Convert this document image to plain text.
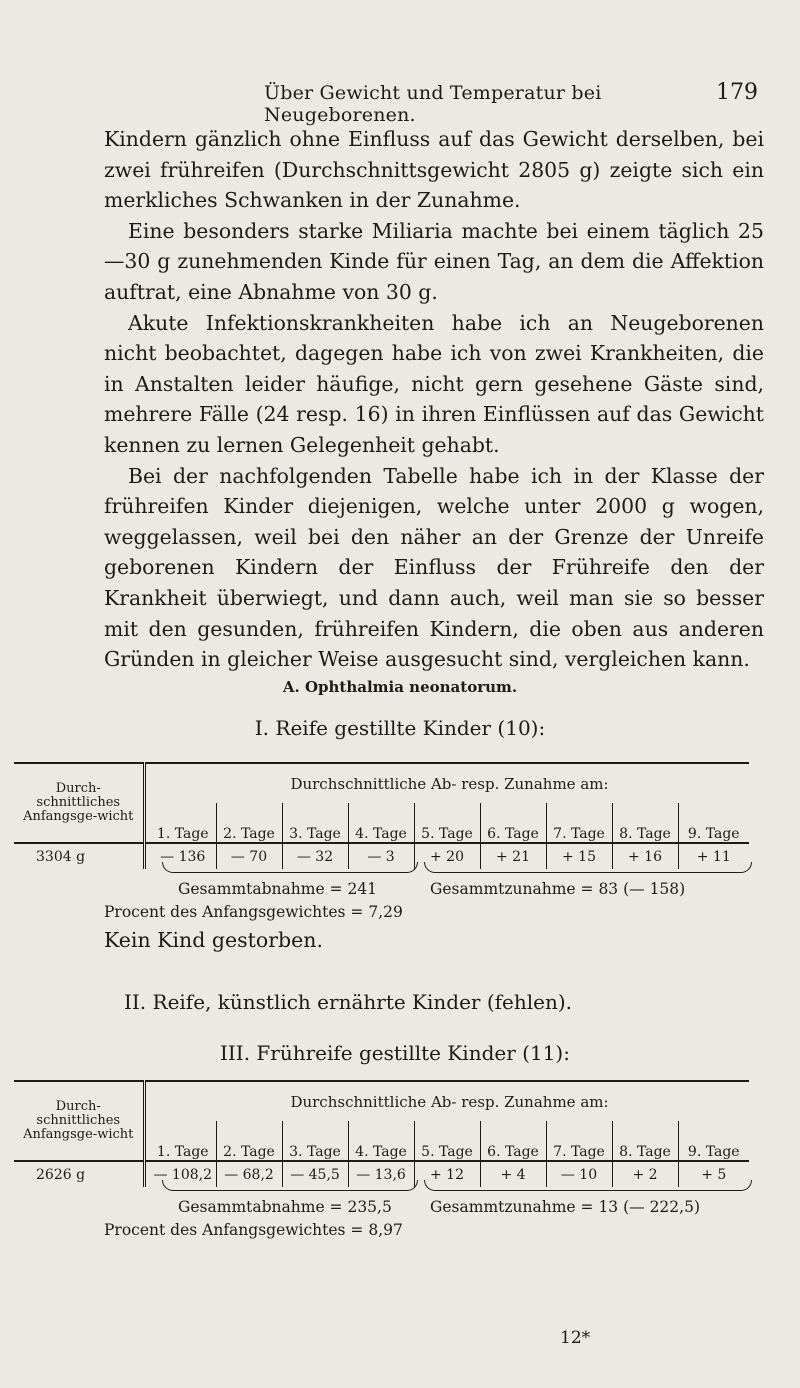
Über Gewicht und Temperatur bei Neugeborenen.
179

Kindern gänzlich ohne Einfluss auf das Gewicht derselben, bei zwei frühreifen (Durchschnittsgewicht 2805 g) zeigte sich ein merkliches Schwanken in der Zunahme.

Eine besonders starke Miliaria machte bei einem täglich 25—30 g zunehmenden Kinde für einen Tag, an dem die Affektion auftrat, eine Abnahme von 30 g.

Akute Infektionskrankheiten habe ich an Neugeborenen nicht beobachtet, dagegen habe ich von zwei Krankheiten, die in Anstalten leider häufige, nicht gern gesehene Gäste sind, mehrere Fälle (24 resp. 16) in ihren Einflüssen auf das Gewicht kennen zu lernen Gelegenheit gehabt.

Bei der nachfolgenden Tabelle habe ich in der Klasse der frühreifen Kinder diejenigen, welche unter 2000 g wogen, weggelassen, weil bei den näher an der Grenze der Unreife geborenen Kindern der Einfluss der Frühreife den der Krankheit überwiegt, und dann auch, weil man sie so besser mit den gesunden, frühreifen Kindern, die oben aus anderen Gründen in gleicher Weise ausgesucht sind, vergleichen kann.

A. Ophthalmia neonatorum.
I. Reife gestillte Kinder (10):
Durch-schnittliches Anfangsge-wicht		Durchschnittliche Ab- resp. Zunahme am:								
		1. Tage	2. Tage	3. Tage	4. Tage	5. Tage	6. Tage	7. Tage	8. Tage	9. Tage
3304 g		— 136	— 70	— 32	— 3	+ 20	+ 21	+ 15	+ 16	+ 11
Gesammtabnahme = 241	Gesammtzunahme = 83 (— 158)
Procent des Anfangsgewichtes = 7,29
Kein Kind gestorben.
II. Reife, künstlich ernährte Kinder (fehlen).
III. Frühreife gestillte Kinder (11):
Durch-schnittliches Anfangsge-wicht		Durchschnittliche Ab- resp. Zunahme am:								
		1. Tage	2. Tage	3. Tage	4. Tage	5. Tage	6. Tage	7. Tage	8. Tage	9. Tage
2626 g		— 108,2	— 68,2	— 45,5	— 13,6	+ 12	+ 4	— 10	+ 2	+ 5
Gesammtabnahme = 235,5 Gesammtzunahme = 13 (— 222,5)
Procent des Anfangsgewichtes = 8,97
12*
